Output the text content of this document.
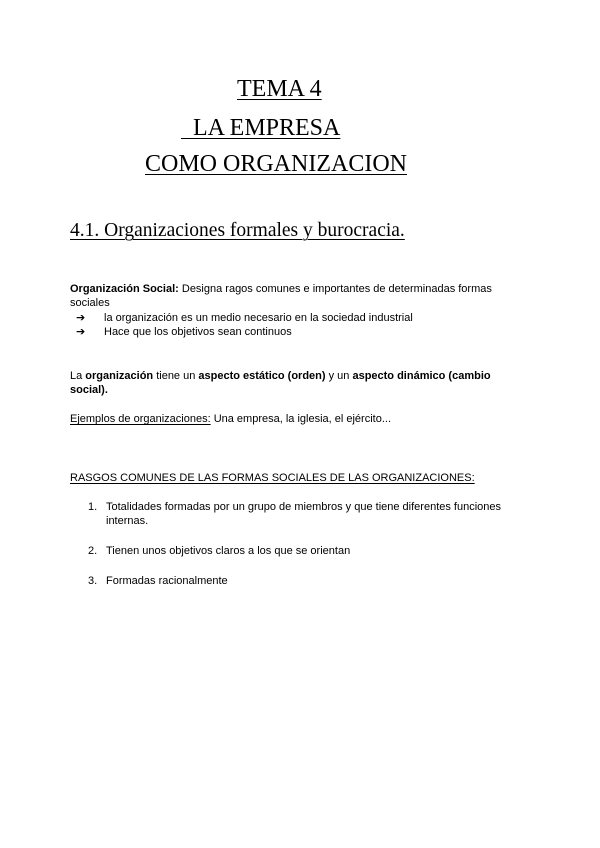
TEMA 4
LA EMPRESA
COMO ORGANIZACION
4.1. Organizaciones formales y burocracia.

Organización Social: Designa ragos comunes e importantes de determinadas formas sociales

➔	la organización es un medio necesario en la sociedad industrial
➔	Hace que los objetivos sean continuos

La organización tiene un aspecto estático (orden) y un aspecto dinámico (cambio social).

Ejemplos de organizaciones: Una empresa, la iglesia, el ejército...

RASGOS COMUNES DE LAS FORMAS SOCIALES DE LAS ORGANIZACIONES:

1. Totalidades formadas por un grupo de miembros y que tiene diferentes funciones internas.
2. Tienen unos objetivos claros a los que se orientan
3. Formadas racionalmente
